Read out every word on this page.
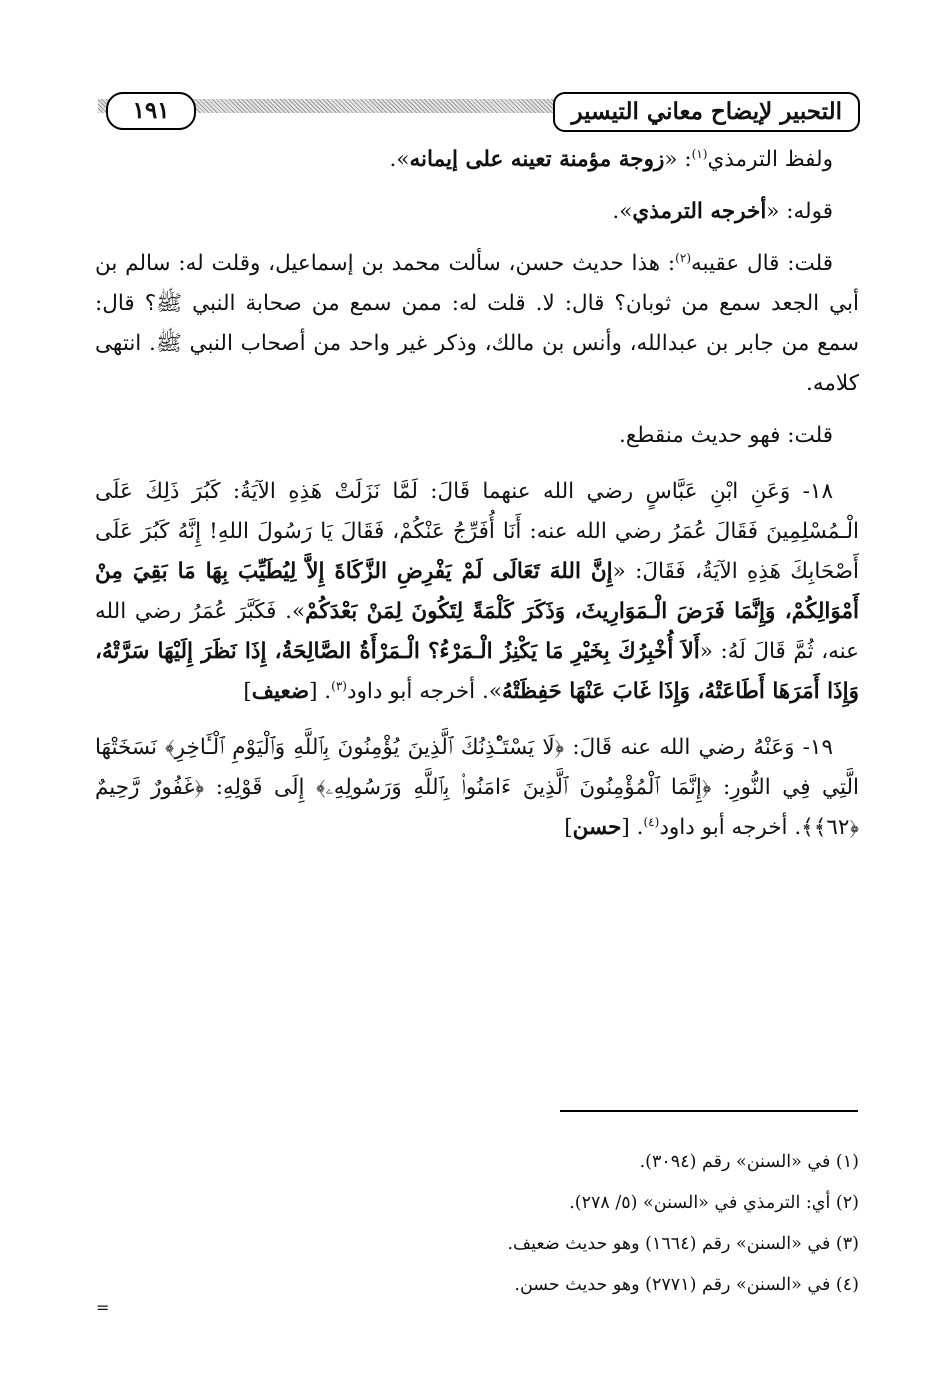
التحبير لإيضاح معاني التيسير
١٩١

ولفظ الترمذي$^{(١)}$: «زوجة مؤمنة تعينه على إيمانه».

قوله: «أخرجه الترمذي».

قلت: قال عقيبه$^{(٢)}$: هذا حديث حسن، سألت محمد بن إسماعيل، وقلت له: سالم بن أبي الجعد سمع من ثوبان؟ قال: لا. قلت له: ممن سمع من صحابة النبي ﷺ؟ قال: سمع من جابر بن عبدالله، وأنس بن مالك، وذكر غير واحد من أصحاب النبي ﷺ. انتهى كلامه.

قلت: فهو حديث منقطع.

١٨- وَعَنِ ابْنِ عَبَّاسٍ رضي الله عنهما قَالَ: لَمَّا نَزَلَتْ هَذِهِ الآيَةُ: كَبُرَ ذَلِكَ عَلَى الْـمُسْلِمِينَ فَقَالَ عُمَرُ رضي الله عنه: أَنَا أُفَرِّجُ عَنْكُمْ، فَقَالَ يَا رَسُولَ اللهِ! إِنَّهُ كَبُرَ عَلَى أَصْحَابِكَ هَذِهِ الآيَةُ، فَقَالَ: «إِنَّ اللهَ تَعَالَى لَمْ يَفْرِضِ الزَّكَاةَ إِلاَّ لِيُطَيِّبَ بِهَا مَا بَقِيَ مِنْ أَمْوَالِكُمْ، وَإِنَّمَا فَرَضَ الْـمَوَارِيثَ، وَذَكَرَ كَلْمَةً لِتَكُونَ لِمَنْ بَعْدَكُمْ». فَكَبَّرَ عُمَرُ رضي الله عنه، ثُمَّ قَالَ لَهُ: «أَلاَ أُخْبِرُكَ بِخَيْرِ مَا يَكْنِزُ الْـمَرْءُ؟ الْـمَرْأَةُ الصَّالِحَةُ، إِذَا نَظَرَ إِلَيْهَا سَرَّتْهُ، وَإِذَا أَمَرَهَا أَطَاعَتْهُ، وَإِذَا غَابَ عَنْهَا حَفِظَتْهُ». أخرجه أبو داود$^{(٣)}$. [ضعيف]

١٩- وَعَنْهُ رضي الله عنه قَالَ: ﴿لَا يَسْتَـْٔذِنُكَ ٱلَّذِينَ يُؤْمِنُونَ بِٱللَّهِ وَٱلْيَوْمِ ٱلْـَٔاخِرِ﴾ نَسَخَتْهَا الَّتِي فِي النُّورِ: ﴿إِنَّمَا ٱلْمُؤْمِنُونَ ٱلَّذِينَ ءَامَنُوا۟ بِٱللَّهِ وَرَسُولِهِۦ﴾ إِلَى قَوْلِهِ: ﴿غَفُورٌ رَّحِيمٌ ﴿٦٢﴾﴾. أخرجه أبو داود$^{(٤)}$. [حسن]

(١) في «السنن» رقم (٣٠٩٤).
(٢) أي: الترمذي في «السنن» (٥/ ٢٧٨).
(٣) في «السنن» رقم (١٦٦٤) وهو حديث ضعيف.
(٤) في «السنن» رقم (٢٧٧١) وهو حديث حسن.
=
